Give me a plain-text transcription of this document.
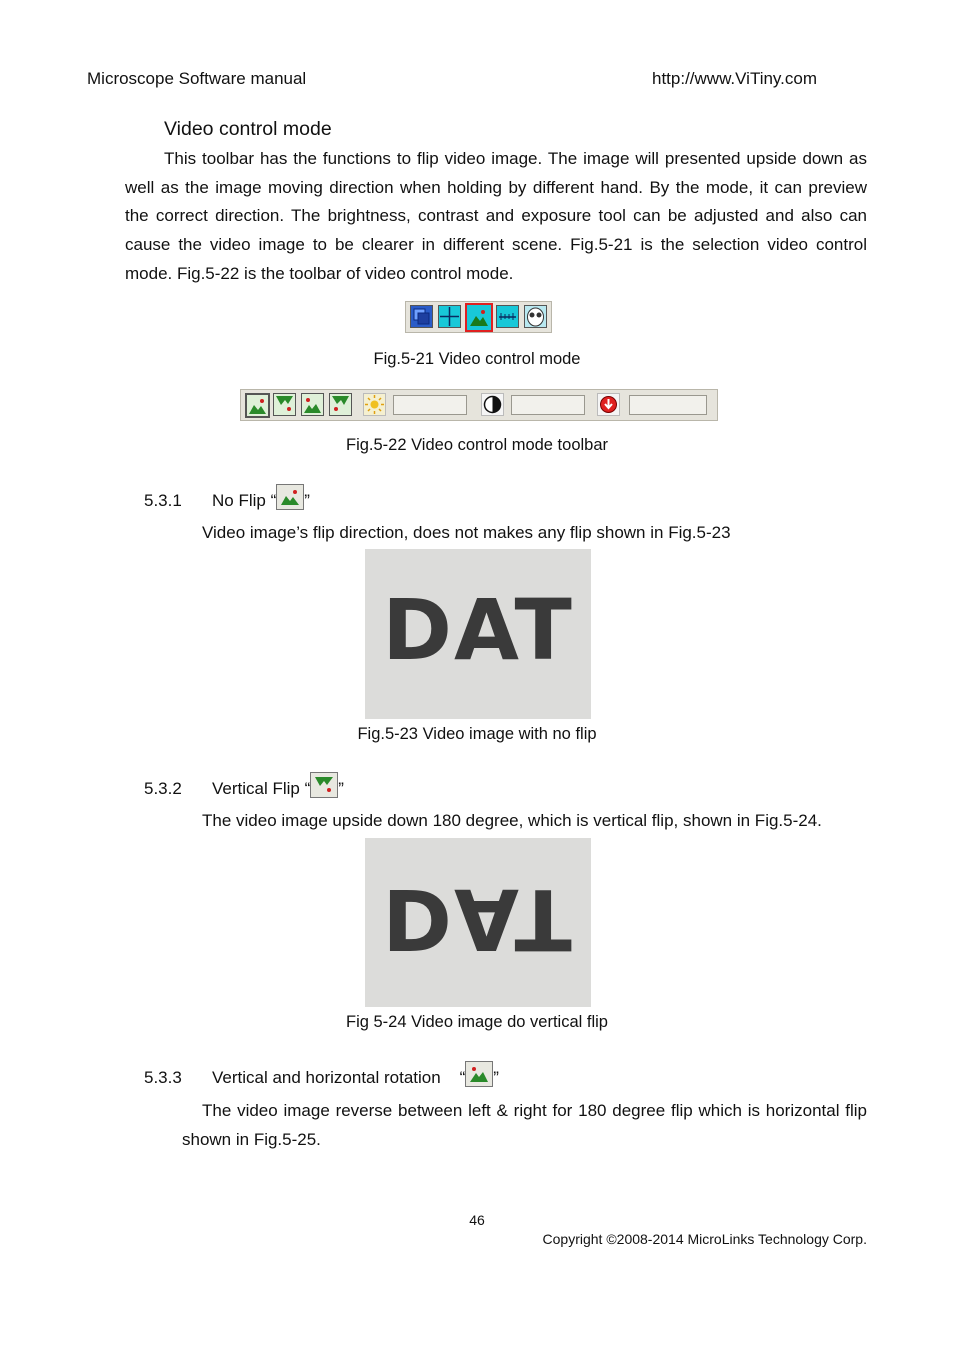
Microscope Software manual	http://www.ViTiny.com
Video control mode
This toolbar has the functions to flip video image. The image will presented upside down as well as the image moving direction when holding by different hand. By the mode, it can preview the correct direction. The brightness, contrast and exposure tool can be adjusted and also can cause the video image to be clearer in different scene. Fig.5-21 is the selection video control mode. Fig.5-22 is the toolbar of video control mode.
Fig.5-21 Video control mode
Fig.5-22 Video control mode toolbar
5.3.1 No Flip “ ”
Video image’s flip direction, does not makes any flip shown in Fig.5-23
DAT
Fig.5-23 Video image with no flip
5.3.2 Vertical Flip “ ”
The video image upside down 180 degree, which is vertical flip, shown in Fig.5-24.
DAT
Fig 5-24 Video image do vertical flip
5.3.3 Vertical and horizontal rotation    “ ”
The video image reverse between left & right for 180 degree flip which is horizontal flip shown in Fig.5-25.
46
Copyright ©2008-2014 MicroLinks Technology Corp.
